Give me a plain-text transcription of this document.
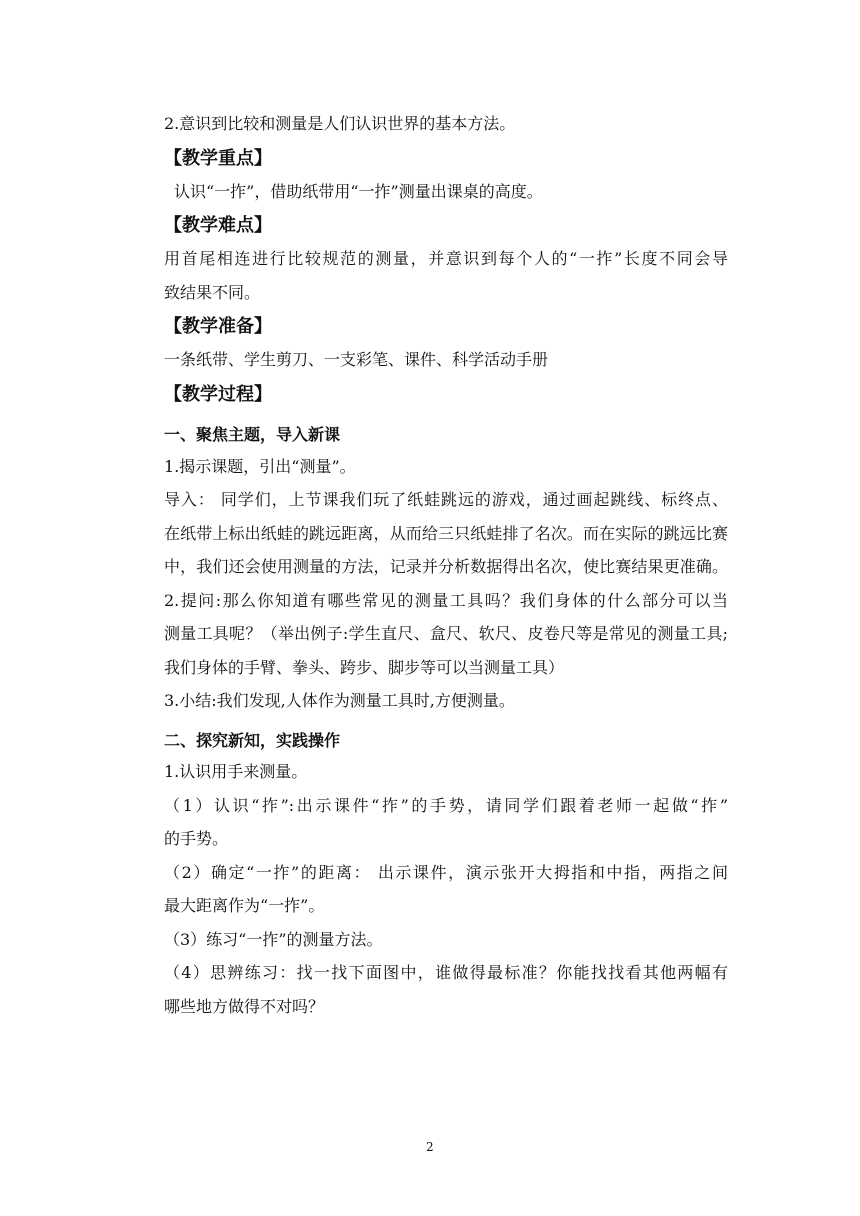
2.意识到比较和测量是人们认识世界的基本方法。
【教学重点】
认识“一拃”，借助纸带用“一拃”测量出课桌的高度。
【教学难点】
用首尾相连进行比较规范的测量，并意识到每个人的“一拃”长度不同会导
致结果不同。
【教学准备】
一条纸带、学生剪刀、一支彩笔、课件、科学活动手册
【教学过程】
一、聚焦主题，导入新课
1.揭示课题，引出“测量”。
导入： 同学们，上节课我们玩了纸蛙跳远的游戏，通过画起跳线、标终点、
在纸带上标出纸蛙的跳远距离，从而给三只纸蛙排了名次。而在实际的跳远比赛
中，我们还会使用测量的方法，记录并分析数据得出名次，使比赛结果更准确。
2.提问:那么你知道有哪些常见的测量工具吗？我们身体的什么部分可以当
测量工具呢？（举出例子:学生直尺、盒尺、软尺、皮卷尺等是常见的测量工具;
我们身体的手臂、拳头、跨步、脚步等可以当测量工具）
3.小结:我们发现,人体作为测量工具时,方便测量。
二、探究新知，实践操作
1.认识用手来测量。
（1）认识“拃”:出示课件“拃”的手势，请同学们跟着老师一起做“拃”
的手势。
（2）确定“一拃”的距离： 出示课件，演示张开大拇指和中指，两指之间
最大距离作为“一拃”。
（3）练习“一拃”的测量方法。
（4）思辨练习：找一找下面图中，谁做得最标准？你能找找看其他两幅有
哪些地方做得不对吗？
2
